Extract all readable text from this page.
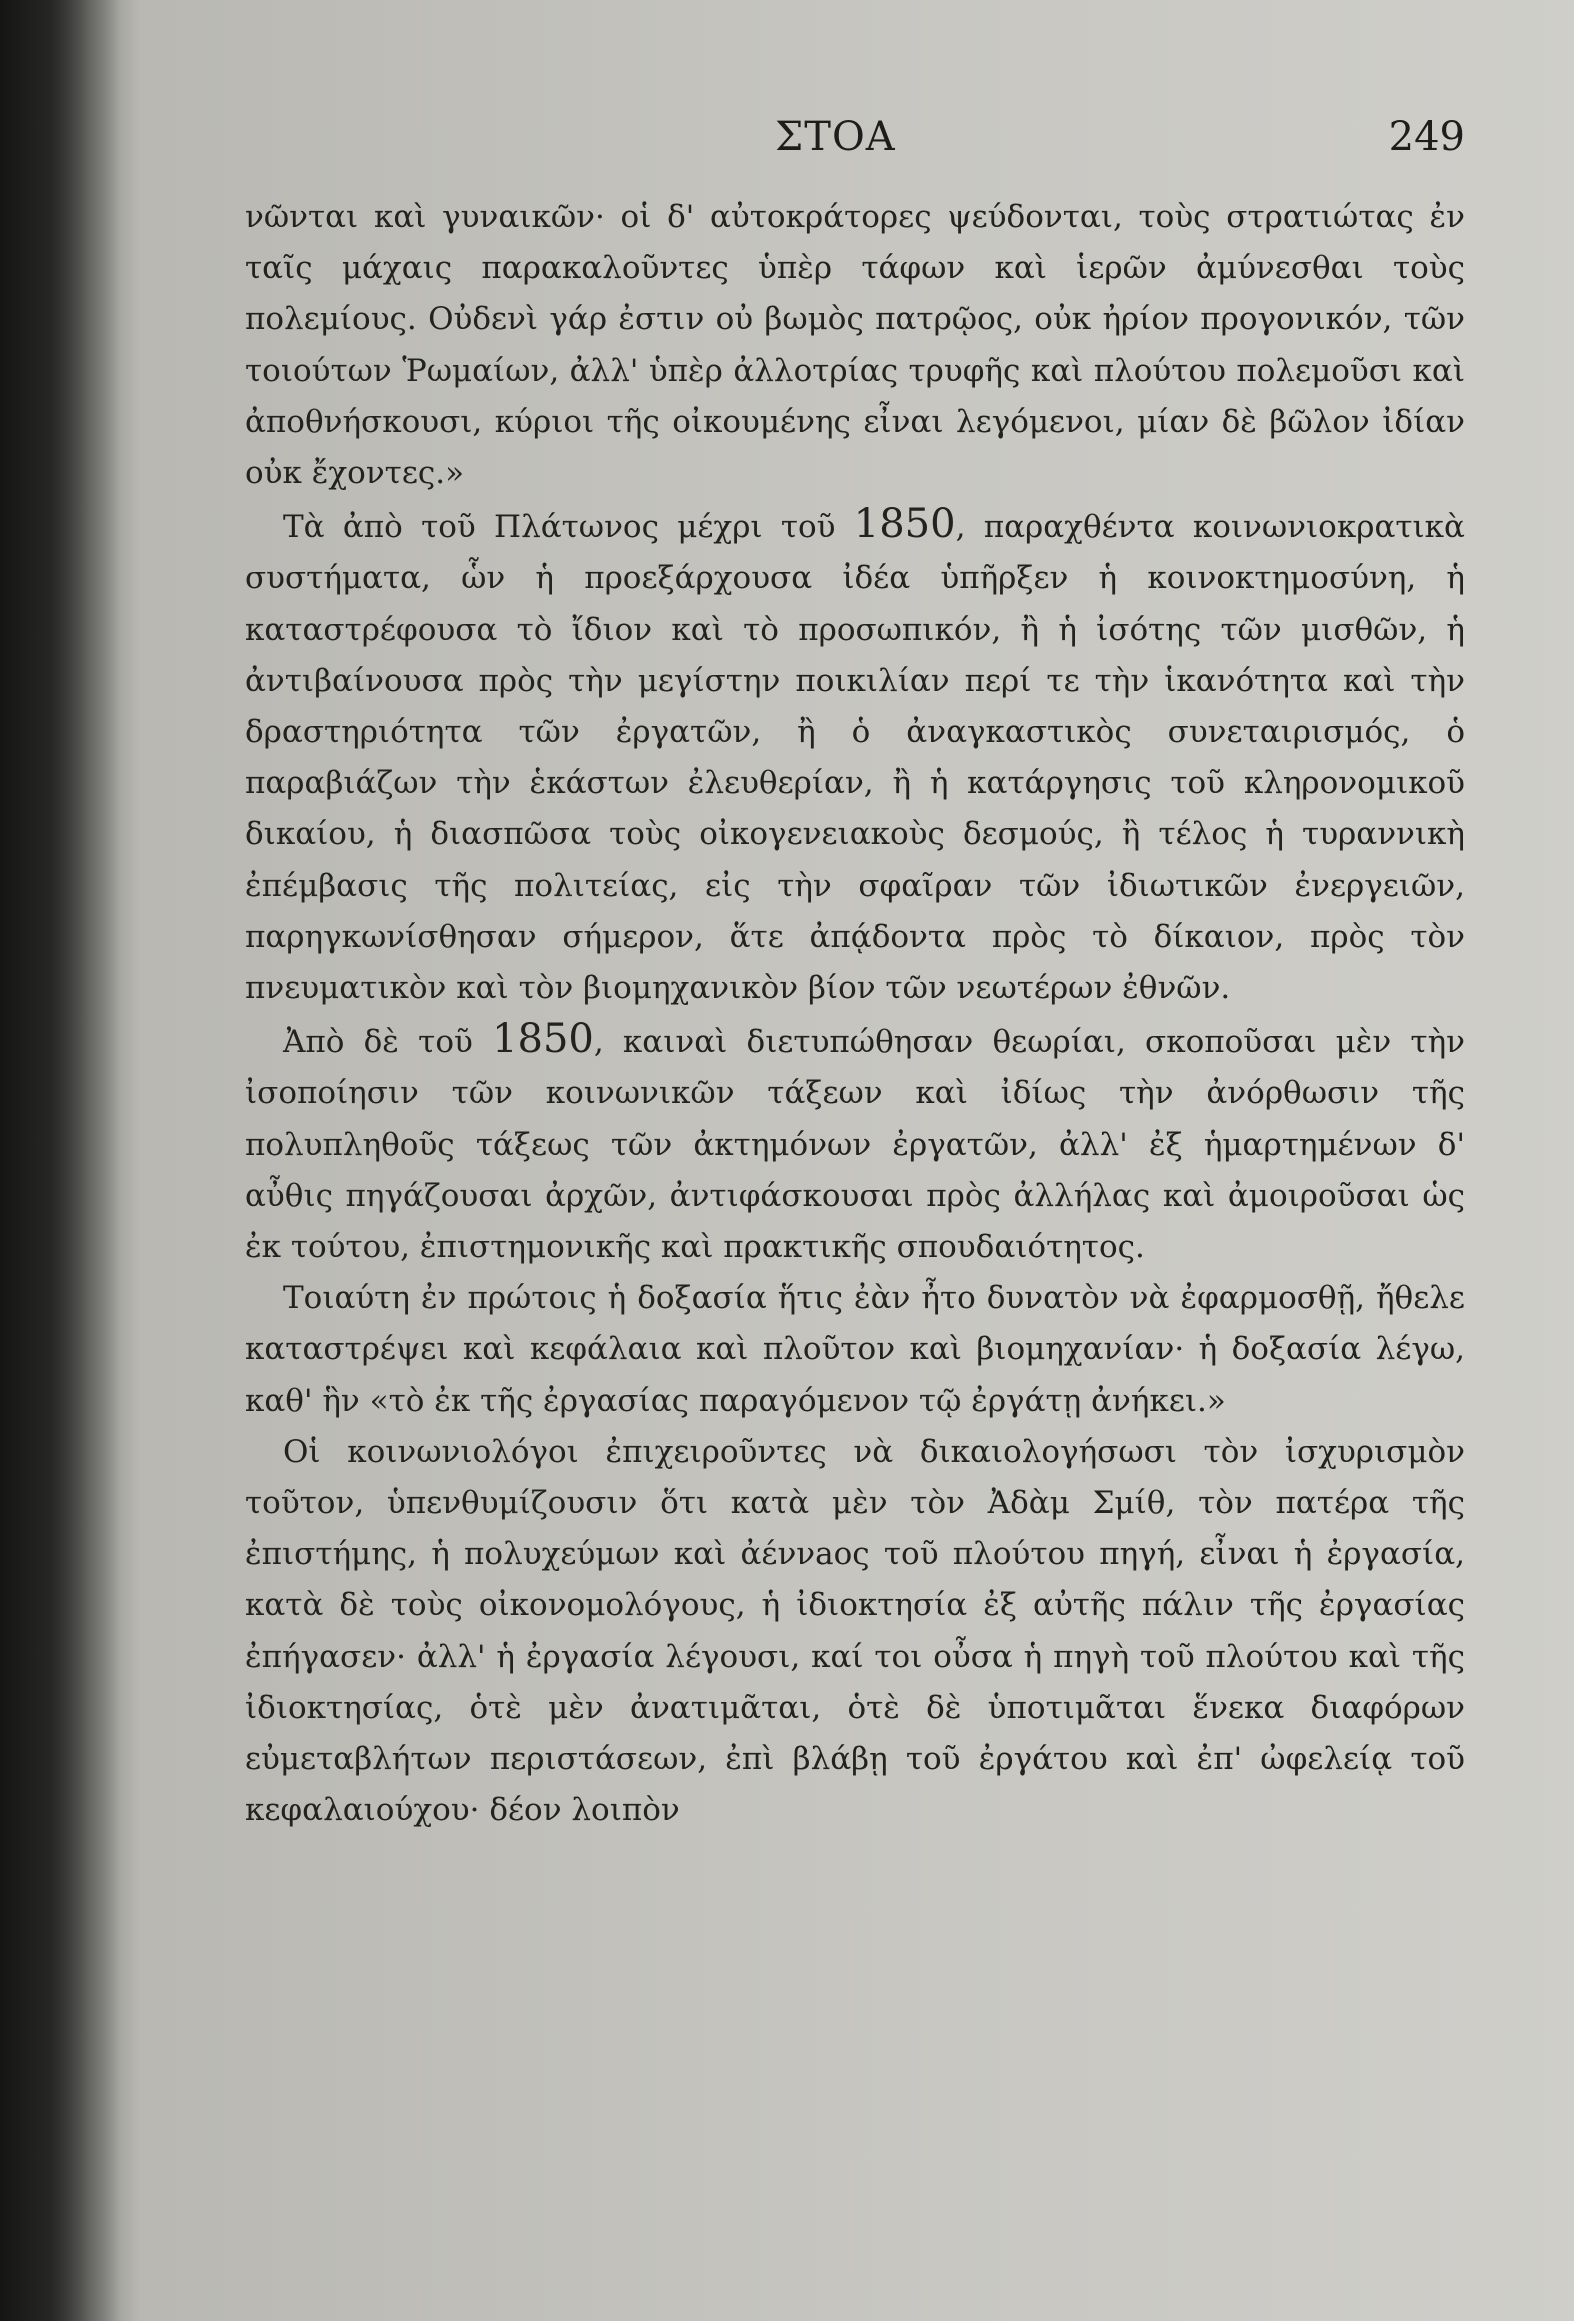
ΣΤΟΑ	249

νῶνται καὶ γυναικῶν· οἱ δ' αὐτοκράτορες ψεύδονται, τοὺς στρατιώτας ἐν ταῖς μάχαις παρακαλοῦντες ὑπὲρ τάφων καὶ ἱερῶν ἀμύνεσθαι τοὺς πολεμίους. Οὐδενὶ γάρ ἐστιν οὐ βωμὸς πατρῷος, οὐκ ἠρίον προγονικόν, τῶν τοιούτων Ῥωμαίων, ἀλλ' ὑπὲρ ἀλλοτρίας τρυφῆς καὶ πλούτου πολεμοῦσι καὶ ἀποθνήσκουσι, κύριοι τῆς οἰκουμένης εἶναι λεγόμενοι, μίαν δὲ βῶλον ἰδίαν οὐκ ἔχοντες.»

Τὰ ἀπὸ τοῦ Πλάτωνος μέχρι τοῦ 1850, παραχθέντα κοινωνιοκρατικὰ συστήματα, ὧν ἡ προεξάρχουσα ἰδέα ὑπῆρξεν ἡ κοινοκτημοσύνη, ἡ καταστρέφουσα τὸ ἴδιον καὶ τὸ προσωπικόν, ἢ ἡ ἰσότης τῶν μισθῶν, ἡ ἀντιβαίνουσα πρὸς τὴν μεγίστην ποικιλίαν περί τε τὴν ἱκανότητα καὶ τὴν δραστηριότητα τῶν ἐργατῶν, ἢ ὁ ἀναγκαστικὸς συνεταιρισμός, ὁ παραβιάζων τὴν ἑκάστων ἐλευθερίαν, ἢ ἡ κατάργησις τοῦ κληρονομικοῦ δικαίου, ἡ διασπῶσα τοὺς οἰκογενειακοὺς δεσμούς, ἢ τέλος ἡ τυραννικὴ ἐπέμβασις τῆς πολιτείας, εἰς τὴν σφαῖραν τῶν ἰδιωτικῶν ἐνεργειῶν, παρηγκωνίσθησαν σήμερον, ἅτε ἀπᾴδοντα πρὸς τὸ δίκαιον, πρὸς τὸν πνευματικὸν καὶ τὸν βιομηχανικὸν βίον τῶν νεωτέρων ἐθνῶν.

Ἀπὸ δὲ τοῦ 1850, καιναὶ διετυπώθησαν θεωρίαι, σκοποῦσαι μὲν τὴν ἰσοποίησιν τῶν κοινωνικῶν τάξεων καὶ ἰδίως τὴν ἀνόρθωσιν τῆς πολυπληθοῦς τάξεως τῶν ἀκτημόνων ἐργατῶν, ἀλλ' ἐξ ἡμαρτημένων δ' αὖθις πηγάζουσαι ἀρχῶν, ἀντιφάσκουσαι πρὸς ἀλλήλας καὶ ἀμοιροῦσαι ὡς ἐκ τούτου, ἐπιστημονικῆς καὶ πρακτικῆς σπουδαιότητος.

Τοιαύτη ἐν πρώτοις ἡ δοξασία ἥτις ἐὰν ἦτο δυνατὸν νὰ ἐφαρμοσθῇ, ἤθελε καταστρέψει καὶ κεφάλαια καὶ πλοῦτον καὶ βιομηχανίαν· ἡ δοξασία λέγω, καθ' ἣν «τὸ ἐκ τῆς ἐργασίας παραγόμενον τῷ ἐργάτῃ ἀνήκει.»

Οἱ κοινωνιολόγοι ἐπιχειροῦντες νὰ δικαιολογήσωσι τὸν ἰσχυρισμὸν τοῦτον, ὑπενθυμίζουσιν ὅτι κατὰ μὲν τὸν Ἀδὰμ Σμίθ, τὸν πατέρα τῆς ἐπιστήμης, ἡ πολυχεύμων καὶ ἀέννaος τοῦ πλούτου πηγή, εἶναι ἡ ἐργασία, κατὰ δὲ τοὺς οἰκονομολόγους, ἡ ἰδιοκτησία ἐξ αὐτῆς πάλιν τῆς ἐργασίας ἐπήγασεν· ἀλλ' ἡ ἐργασία λέγουσι, καί τοι οὖσα ἡ πηγὴ τοῦ πλούτου καὶ τῆς ἰδιοκτησίας, ὁτὲ μὲν ἀνατιμᾶται, ὁτὲ δὲ ὑποτιμᾶται ἕνεκα διαφόρων εὐμεταβλήτων περιστάσεων, ἐπὶ βλάβῃ τοῦ ἐργάτου καὶ ἐπ' ὠφελείᾳ τοῦ κεφαλαιούχου· δέον λοιπὸν
